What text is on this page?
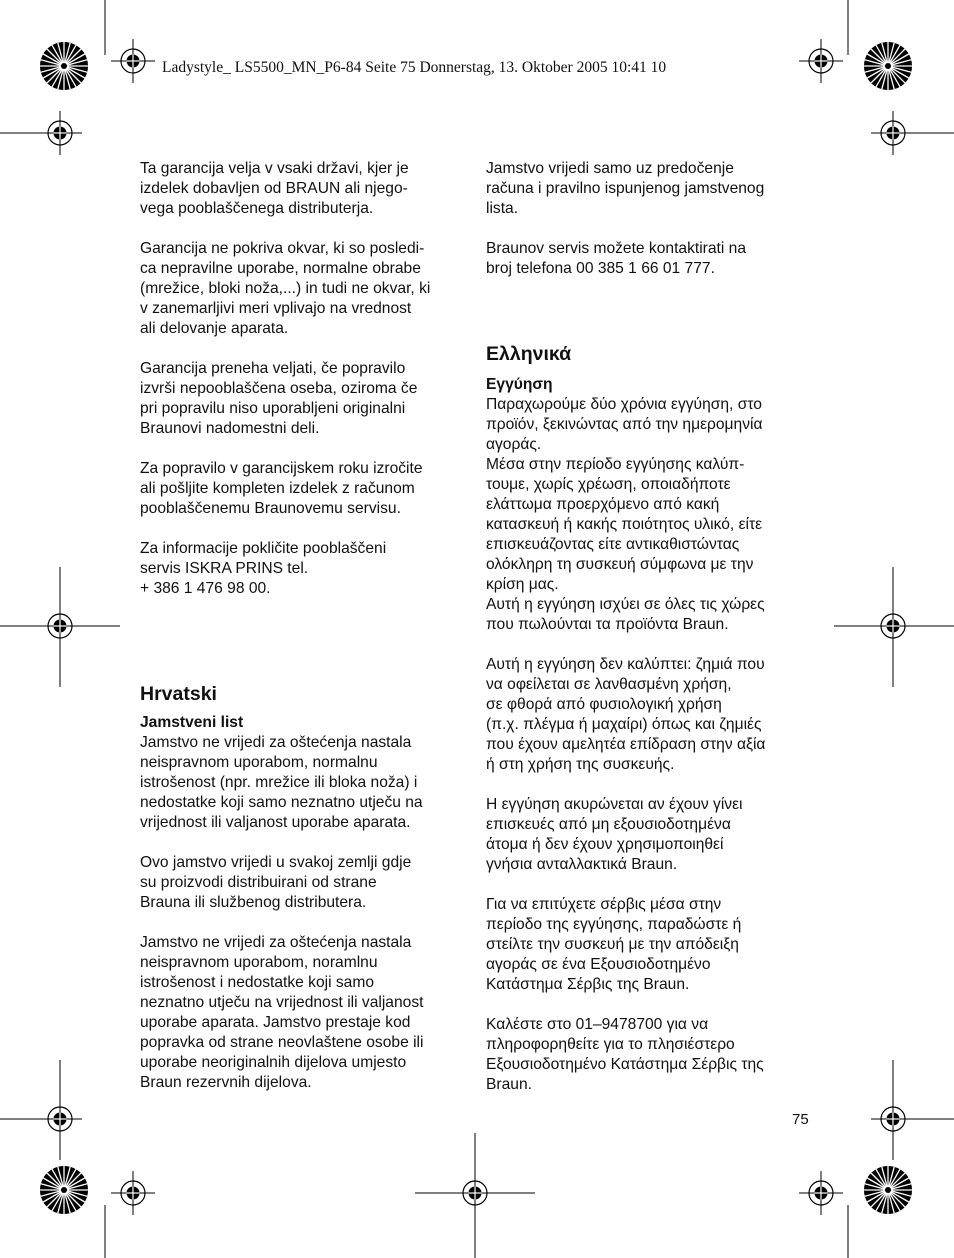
Ladystyle_ LS5500_MN_P6-84 Seite 75 Donnerstag, 13. Oktober 2005 10:41 10

Ta garancija velja v vsaki državi, kjer je
izdelek dobavljen od BRAUN ali njego-
vega pooblaščenega distributerja.

Garancija ne pokriva okvar, ki so posledi-
ca nepravilne uporabe, normalne obrabe
(mrežice, bloki noža,...) in tudi ne okvar, ki
v zanemarljivi meri vplivajo na vrednost
ali delovanje aparata.

Garancija preneha veljati, če popravilo
izvrši nepooblaščena oseba, oziroma če
pri popravilu niso uporabljeni originalni
Braunovi nadomestni deli.

Za popravilo v garancijskem roku izročite
ali pošljite kompleten izdelek z računom
pooblaščenemu Braunovemu servisu.

Za informacije pokličite pooblaščeni
servis ISKRA PRINS tel.
+ 386 1 476 98 00.

Hrvatski
Jamstveni list

Jamstvo ne vrijedi za oštećenja nastala
neispravnom uporabom, normalnu
istrošenost (npr. mrežice ili bloka noža) i
nedostatke koji samo neznatno utječu na
vrijednost ili valjanost uporabe aparata.

Ovo jamstvo vrijedi u svakoj zemlji gdje
su proizvodi distribuirani od strane
Brauna ili službenog distributera.

Jamstvo ne vrijedi za oštećenja nastala
neispravnom uporabom, noramlnu
istrošenost i nedostatke koji samo
neznatno utječu na vrijednost ili valjanost
uporabe aparata. Jamstvo prestaje kod
popravka od strane neovlaštene osobe ili
uporabe neoriginalnih dijelova umjesto
Braun rezervnih dijelova.

Jamstvo vrijedi samo uz predočenje
računa i pravilno ispunjenog jamstvenog
lista.

Braunov servis možete kontaktirati na
broj telefona 00 385 1 66 01 777.

Ελληνικά
Εγγύηση

Παραχωρούμε δύο χρόνια εγγύηση, στο
προϊόν, ξεκινώντας από την ημερομηνία
αγοράς.
Μέσα στην περίοδο εγγύησης καλύπ-
τουμε, χωρίς χρέωση, οποιαδήποτε
ελάττωμα προερχόμενο από κακή
κατασκευή ή κακής ποιότητος υλικό, είτε
επισκευάζοντας είτε αντικαθιστώντας
ολόκληρη τη συσκευή σύμφωνα με την
κρίση μας.
Αυτή η εγγύηση ισχύει σε όλες τις χώρες
που πωλούνται τα προϊόντα Braun.

Αυτή η εγγύηση δεν καλύπτει: ζημιά που
να οφείλεται σε λανθασμένη χρήση,
σε φθορά από φυσιολογική χρήση
(π.χ. πλέγμα ή μαχαίρι) όπως και ζημιές
που έχουν αμελητέα επίδραση στην αξία
ή στη χρήση της συσκευής.

Η εγγύηση ακυρώνεται αν έχουν γίνει
επισκευές από μη εξουσιοδοτημένα
άτομα ή δεν έχουν χρησιμοποιηθεί
γνήσια ανταλλακτικά Braun.

Για να επιτύχετε σέρβις μέσα στην
περίοδο της εγγύησης, παραδώστε ή
στείλτε την συσκευή με την απόδειξη
αγοράς σε ένα Εξουσιοδοτημένο
Κατάστημα Σέρβις της Braun.

Καλέστε στο 01–9478700 για να
πληροφορηθείτε για το πλησιέστερο
Εξουσιοδοτημένο Κατάστημα Σέρβις της
Braun.

75
